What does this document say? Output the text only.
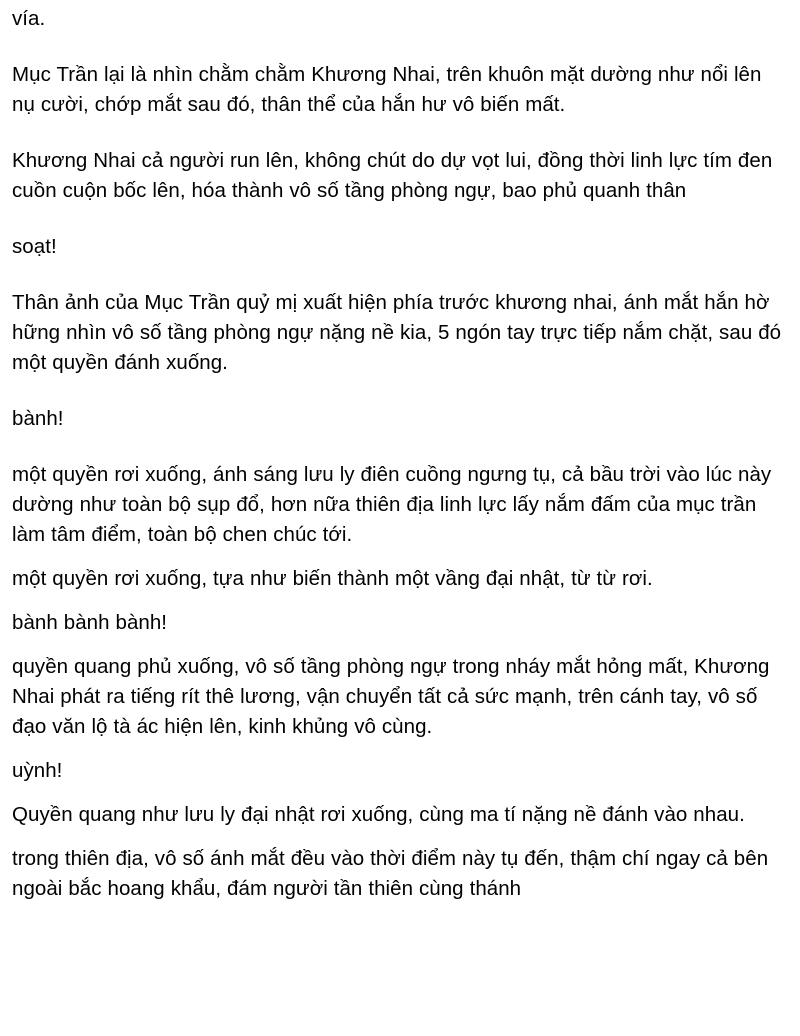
vía.

Mục Trần lại là nhìn chằm chằm Khương Nhai, trên khuôn mặt dường như nổi lên nụ cười, chớp mắt sau đó, thân thể của hắn hư vô biến mất.

Khương Nhai cả người run lên, không chút do dự vọt lui, đồng thời linh lực tím đen cuồn cuộn bốc lên, hóa thành vô số tầng phòng ngự, bao phủ quanh thân

soạt!

Thân ảnh của Mục Trần quỷ mị xuất hiện phía trước khương nhai, ánh mắt hắn hờ hững nhìn vô số tầng phòng ngự nặng nề kia, 5 ngón tay trực tiếp nắm chặt, sau đó một quyền đánh xuống.

bành!

một quyền rơi xuống, ánh sáng lưu ly điên cuồng ngưng tụ, cả bầu trời vào lúc này dường như toàn bộ sụp đổ, hơn nữa thiên địa linh lực lấy nắm đấm của mục trần làm tâm điểm, toàn bộ chen chúc tới.

một quyền rơi xuống, tựa như biến thành một vầng đại nhật, từ từ rơi.

bành bành bành!

quyền quang phủ xuống, vô số tầng phòng ngự trong nháy mắt hỏng mất, Khương Nhai phát ra tiếng rít thê lương, vận chuyển tất cả sức mạnh, trên cánh tay, vô số đạo văn lộ tà ác hiện lên, kinh khủng vô cùng.

uỳnh!

Quyền quang như lưu ly đại nhật rơi xuống, cùng ma tí nặng nề đánh vào nhau.

trong thiên địa, vô số ánh mắt đều vào thời điểm này tụ đến, thậm chí ngay cả bên ngoài bắc hoang khẩu, đám người tần thiên cùng thánh
